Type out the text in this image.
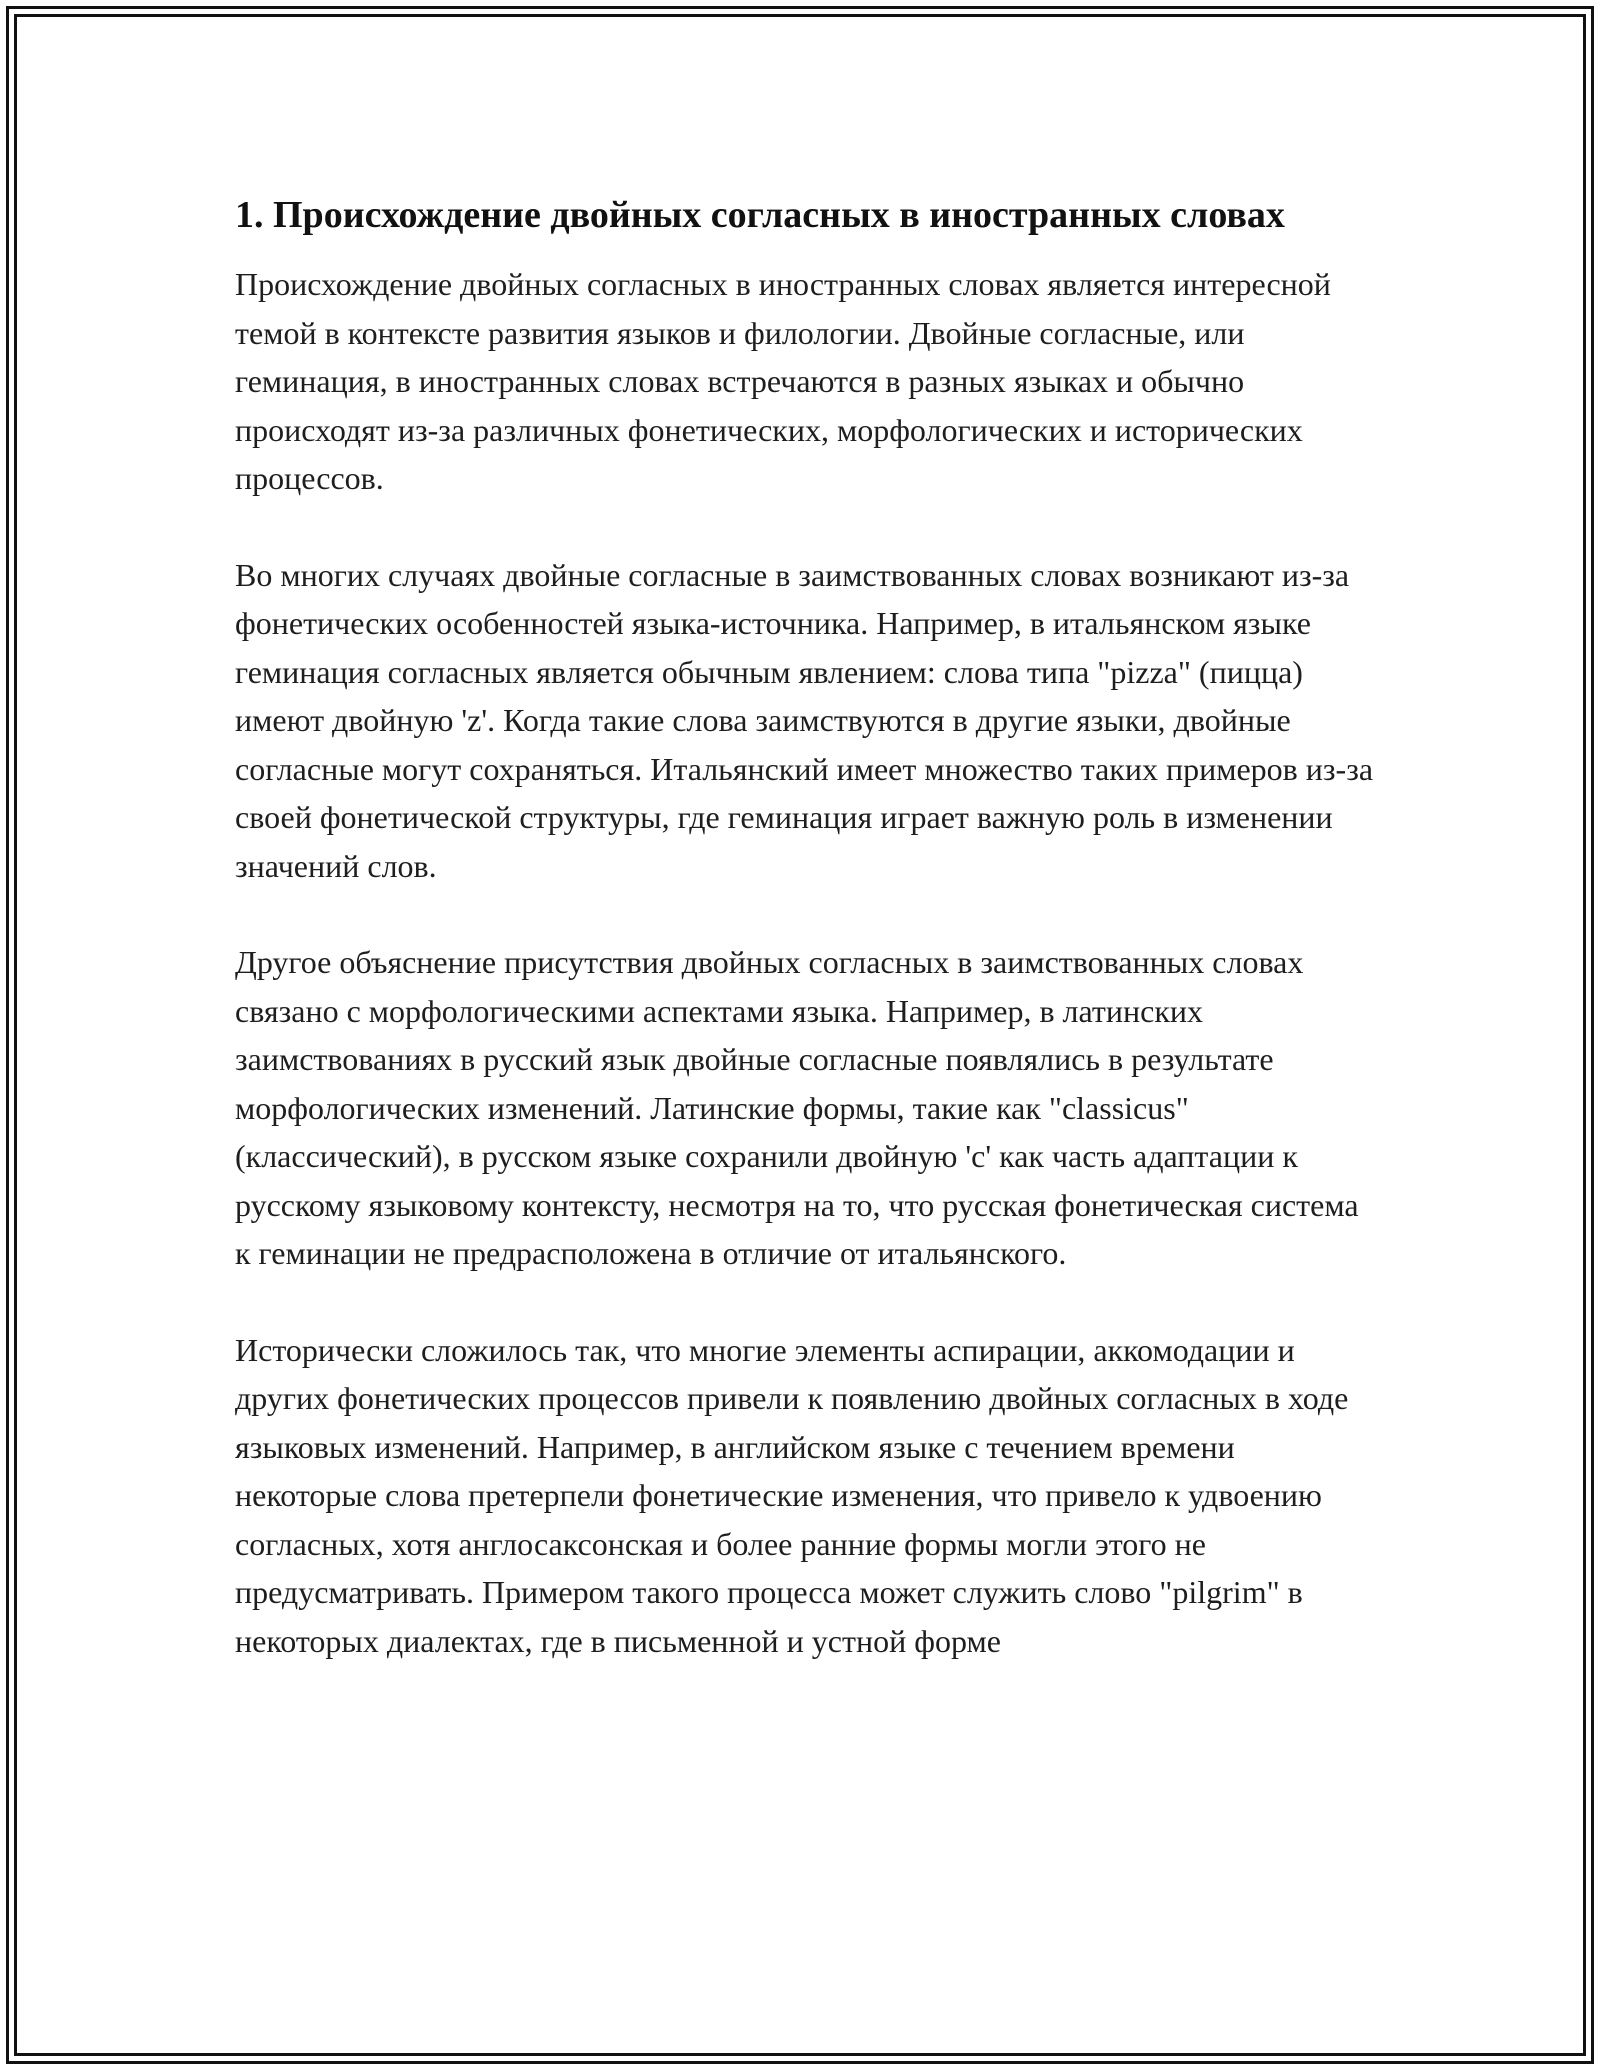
1. Происхождение двойных согласных в иностранных словах

Происхождение двойных согласных в иностранных словах является интересной темой в контексте развития языков и филологии. Двойные согласные, или геминация, в иностранных словах встречаются в разных языках и обычно происходят из-за различных фонетических, морфологических и исторических процессов.

Во многих случаях двойные согласные в заимствованных словах возникают из-за фонетических особенностей языка-источника. Например, в итальянском языке геминация согласных является обычным явлением: слова типа "pizza" (пицца) имеют двойную 'z'. Когда такие слова заимствуются в другие языки, двойные согласные могут сохраняться. Итальянский имеет множество таких примеров из-за своей фонетической структуры, где геминация играет важную роль в изменении значений слов.

Другое объяснение присутствия двойных согласных в заимствованных словах связано с морфологическими аспектами языка. Например, в латинских заимствованиях в русский язык двойные согласные появлялись в результате морфологических изменений. Латинские формы, такие как "classicus" (классический), в русском языке сохранили двойную 'c' как часть адаптации к русскому языковому контексту, несмотря на то, что русская фонетическая система к геминации не предрасположена в отличие от итальянского.

Исторически сложилось так, что многие элементы аспирации, аккомодации и других фонетических процессов привели к появлению двойных согласных в ходе языковых изменений. Например, в английском языке с течением времени некоторые слова претерпели фонетические изменения, что привело к удвоению согласных, хотя англосаксонская и более ранние формы могли этого не предусматривать. Примером такого процесса может служить слово "pilgrim" в некоторых диалектах, где в письменной и устной форме
